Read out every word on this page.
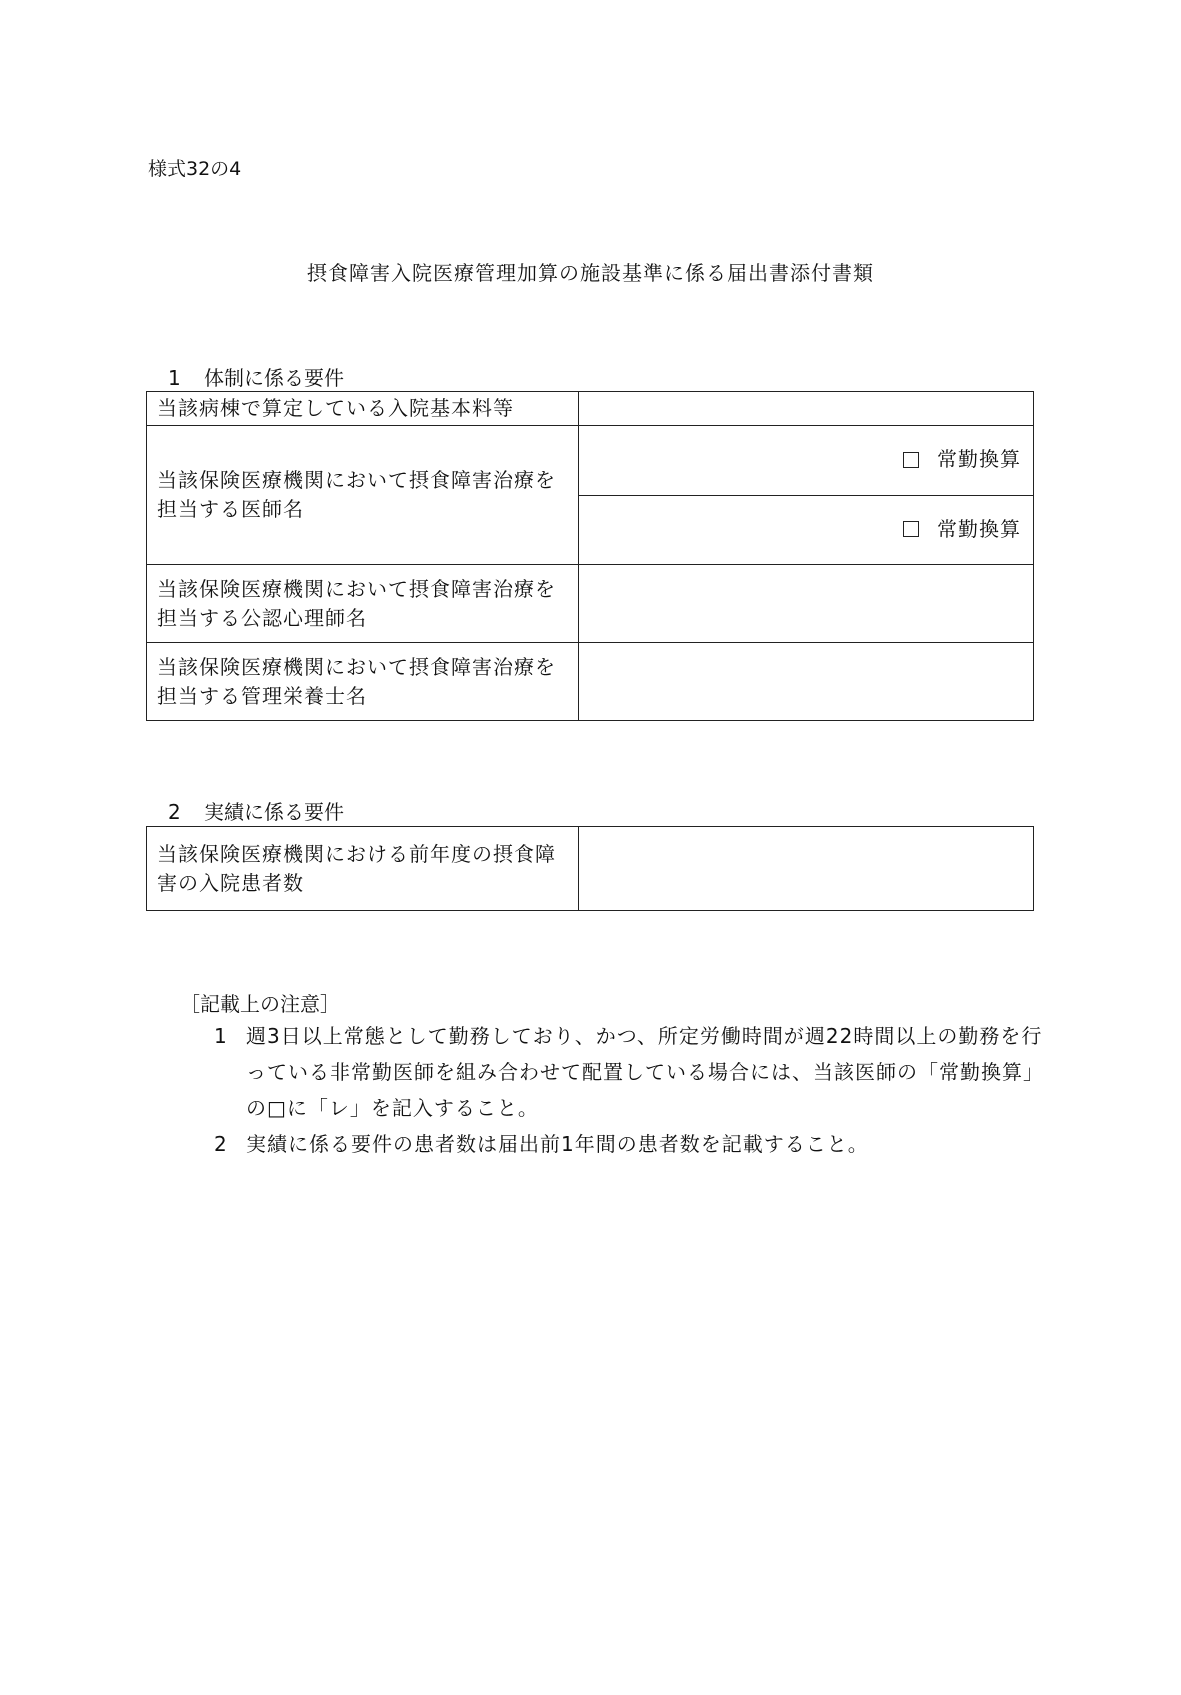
様式32の4
摂食障害入院医療管理加算の施設基準に係る届出書添付書類
1 体制に係る要件
当該病棟で算定している入院基本料等	
当該保険医療機関において摂食障害治療を担当する医師名	常勤換算

	常勤換算

当該保険医療機関において摂食障害治療を担当する公認心理師名	
当該保険医療機関において摂食障害治療を担当する管理栄養士名	
2 実績に係る要件
当該保険医療機関における前年度の摂食障害の入院患者数	
［記載上の注意］
1 週3日以上常態として勤務しており、かつ、所定労働時間が週22時間以上の勤務を行っている非常勤医師を組み合わせて配置している場合には、当該医師の「常勤換算」の□に「レ」を記入すること。
2 実績に係る要件の患者数は届出前1年間の患者数を記載すること。
